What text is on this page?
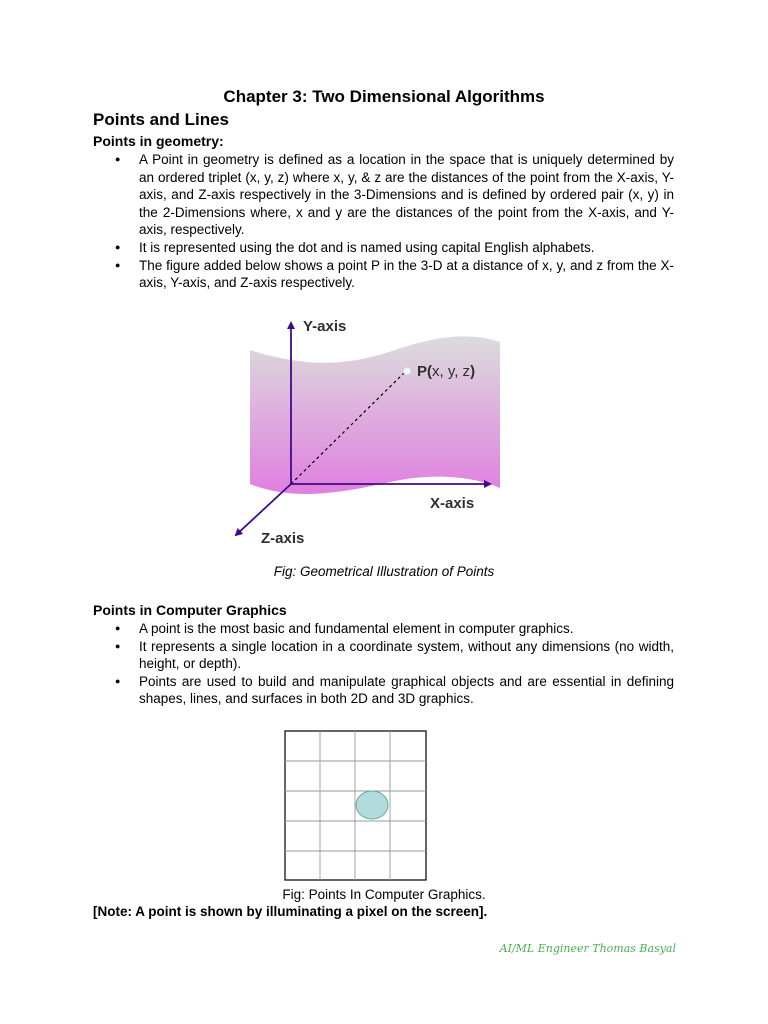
Chapter 3: Two Dimensional Algorithms
Points and Lines
Points in geometry:
● A Point in geometry is defined as a location in the space that is uniquely determined by an ordered triplet (x, y, z) where x, y, & z are the distances of the point from the X-axis, Y-axis, and Z-axis respectively in the 3-Dimensions and is defined by ordered pair (x, y) in the 2-Dimensions where, x and y are the distances of the point from the X-axis, and Y-axis, respectively.
● It is represented using the dot and is named using capital English alphabets.
● The figure added below shows a point P in the 3-D at a distance of x, y, and z from the X-axis, Y-axis, and Z-axis respectively.
Y-axis
X-axis
Z-axis
P(x, y, z)
Fig: Geometrical Illustration of Points
Points in Computer Graphics
● A point is the most basic and fundamental element in computer graphics.
● It represents a single location in a coordinate system, without any dimensions (no width, height, or depth).
● Points are used to build and manipulate graphical objects and are essential in defining shapes, lines, and surfaces in both 2D and 3D graphics.
Fig: Points In Computer Graphics.
[Note: A point is shown by illuminating a pixel on the screen].
AI/ML Engineer Thomas Basyal
